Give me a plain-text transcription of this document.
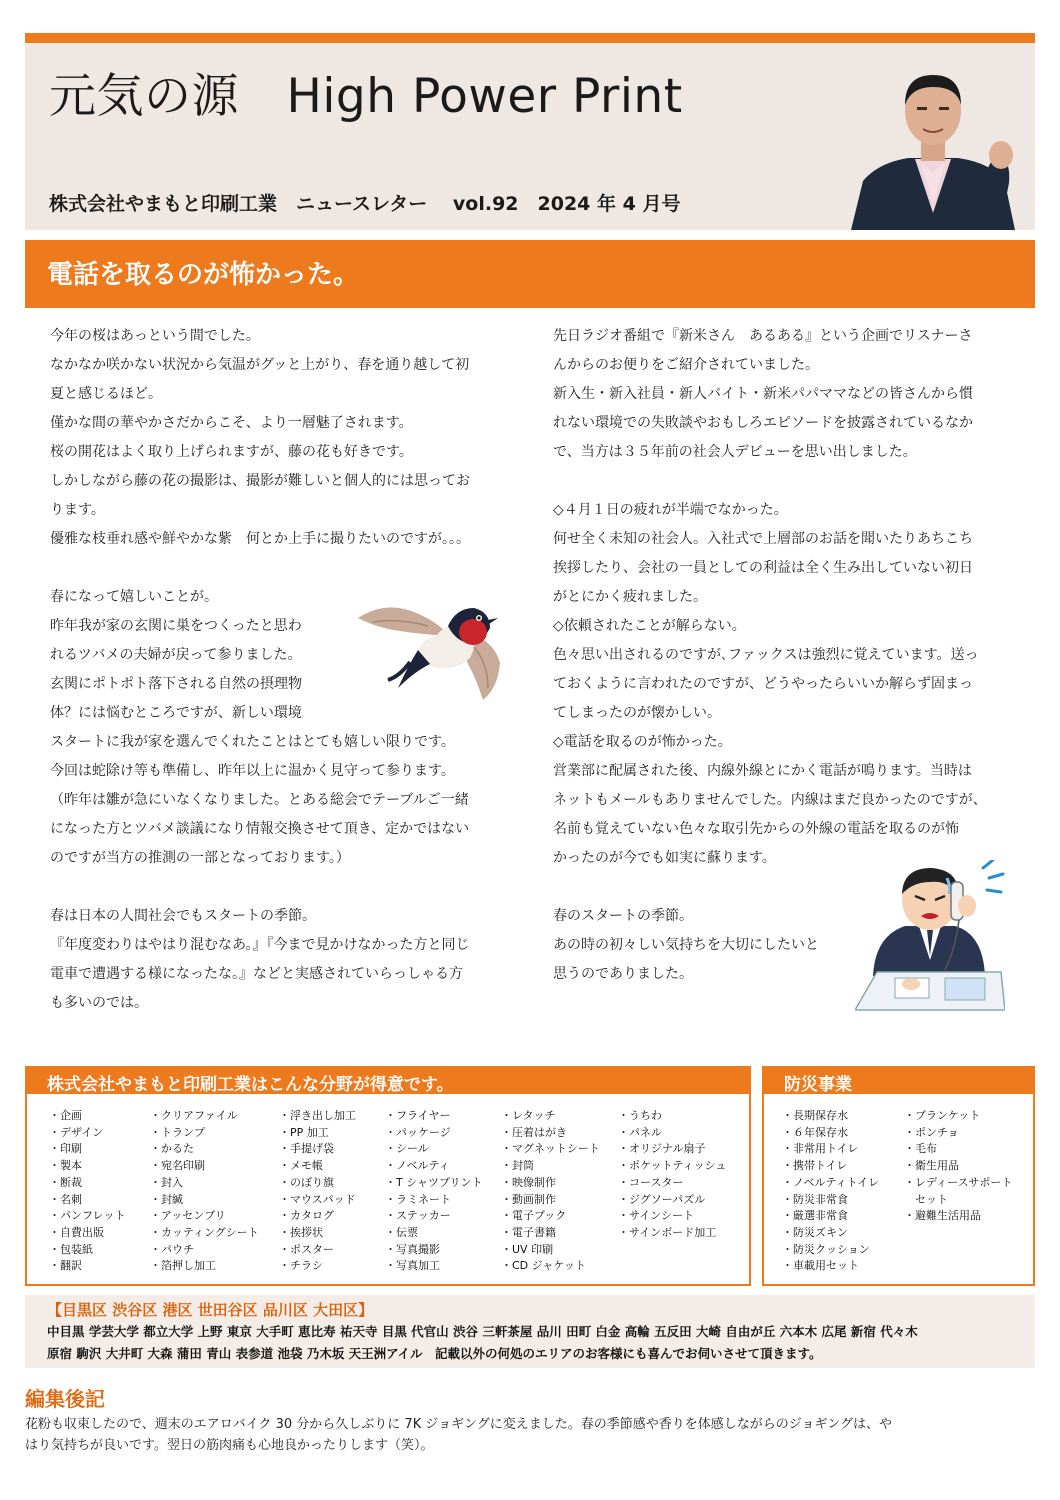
元気の源　High Power Print
株式会社やまもと印刷工業　ニュースレター　 vol.92　2024 年 4 月号
電話を取るのが怖かった。

今年の桜はあっという間でした。

なかなか咲かない状況から気温がグッと上がり、春を通り越して初

夏と感じるほど。

僅かな間の華やかさだからこそ、より一層魅了されます。

桜の開花はよく取り上げられますが、藤の花も好きです。

しかしながら藤の花の撮影は、撮影が難しいと個人的には思ってお

ります。

優雅な枝垂れ感や鮮やかな紫　何とか上手に撮りたいのですが。。。

春になって嬉しいことが。

昨年我が家の玄関に巣をつくったと思わ

れるツバメの夫婦が戻って参りました。

玄関にポトポト落下される自然の摂理物

体？には悩むところですが、新しい環境

スタートに我が家を選んでくれたことはとても嬉しい限りです。

今回は蛇除け等も準備し、昨年以上に温かく見守って参ります。

（昨年は雛が急にいなくなりました。とある総会でテーブルご一緒

になった方とツバメ談議になり情報交換させて頂き、定かではない

のですが当方の推測の一部となっております。）

春は日本の人間社会でもスタートの季節。

『年度変わりはやはり混むなあ。』『今まで見かけなかった方と同じ

電車で遭遇する様になったな。』などと実感されていらっしゃる方

も多いのでは。

先日ラジオ番組で『新米さん　あるある』という企画でリスナーさ

んからのお便りをご紹介されていました。

新入生・新入社員・新人バイト・新米パパママなどの皆さんから慣

れない環境での失敗談やおもしろエピソードを披露されているなか

で、当方は３５年前の社会人デビューを思い出しました。

◇４月１日の疲れが半端でなかった。

何せ全く未知の社会人。入社式で上層部のお話を聞いたりあちこち

挨拶したり、会社の一員としての利益は全く生み出していない初日

がとにかく疲れました。

◇依頼されたことが解らない。

色々思い出されるのですが､ファックスは強烈に覚えています。送っ

ておくように言われたのですが、どうやったらいいか解らず固まっ

てしまったのが懐かしい。

◇電話を取るのが怖かった。

営業部に配属された後、内線外線とにかく電話が鳴ります。当時は

ネットもメールもありませんでした。内線はまだ良かったのですが、

名前も覚えていない色々な取引先からの外線の電話を取るのが怖

かったのが今でも如実に蘇ります。

春のスタートの季節。

あの時の初々しい気持ちを大切にしたいと

思うのでありました。

株式会社やまもと印刷工業はこんな分野が得意です。
・企画
・デザイン
・印刷
・製本
・断裁
・名刺
・パンフレット
・自費出版
・包装紙
・翻訳
・クリアファイル
・トランプ
・かるた
・宛名印刷
・封入
・封緘
・アッセンブリ
・カッティングシート
・パウチ
・箔押し加工
・浮き出し加工
・PP 加工
・手提げ袋
・メモ帳
・のぼり旗
・マウスパッド
・カタログ
・挨拶状
・ポスター
・チラシ
・フライヤー
・パッケージ
・シール
・ノベルティ
・T シャツプリント
・ラミネート
・ステッカー
・伝票
・写真撮影
・写真加工
・レタッチ
・圧着はがき
・マグネットシート
・封筒
・映像制作
・動画制作
・電子ブック
・電子書籍
・UV 印刷
・CD ジャケット
・うちわ
・パネル
・オリジナル扇子
・ポケットティッシュ
・コースター
・ジグソーパズル
・サインシート
・サインボード加工
防災事業
・長期保存水
・６年保存水
・非常用トイレ
・携帯トイレ
・ノベルティトイレ
・防災非常食
・厳選非常食
・防災ズキン
・防災クッション
・車載用セット
・ブランケット
・ポンチョ
・毛布
・衛生用品
・レディースサポート
　セット
・避難生活用品
【目黒区 渋谷区 港区 世田谷区 品川区 大田区】
中目黒 学芸大学 都立大学 上野 東京 大手町 恵比寿 祐天寺 目黒 代官山 渋谷 三軒茶屋 品川 田町 白金 高輪 五反田 大崎 自由が丘 六本木 広尾 新宿 代々木
原宿 駒沢 大井町 大森 蒲田 青山 表参道 池袋 乃木坂 天王洲アイル　記載以外の何処のエリアのお客様にも喜んでお伺いさせて頂きます。
編集後記

花粉も収束したので、週末のエアロバイク 30 分から久しぶりに 7K ジョギングに変えました。春の季節感や香りを体感しながらのジョギングは、や

はり気持ちが良いです。翌日の筋肉痛も心地良かったりします（笑）。
